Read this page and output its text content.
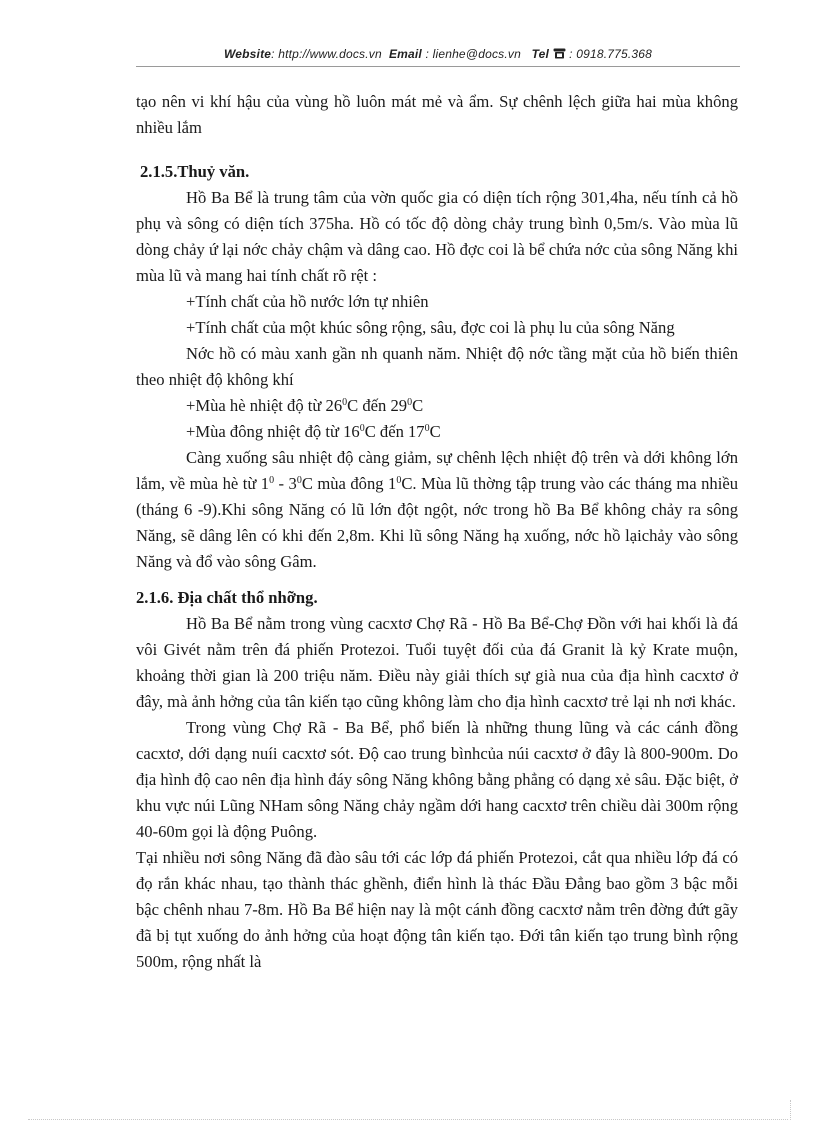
Website: http://www.docs.vn Email : lienhe@docs.vn Tel : 0918.775.368

tạo nên vi khí hậu của vùng hồ luôn mát mẻ và ẩm. Sự chênh lệch giữa hai mùa không nhiều lắm

2.1.5.Thuỷ văn.

Hồ Ba Bể là trung tâm của vờn quốc gia có diện tích rộng 301,4ha, nếu tính cả hồ phụ và sông có diện tích 375ha. Hồ có tốc độ dòng chảy trung bình 0,5m/s. Vào mùa lũ dòng chảy ứ lại nớc chảy chậm và dâng cao. Hồ đợc coi là bể chứa nớc của sông Năng khi mùa lũ và mang hai tính chất rõ rệt :

+Tính chất của hồ nước lớn tự nhiên

+Tính chất của một khúc sông rộng, sâu, đợc coi là phụ lu của sông Năng

Nớc hồ có màu xanh gần nh quanh năm. Nhiệt độ nớc tầng mặt của hồ biến thiên theo nhiệt độ không khí

+Mùa hè nhiệt độ từ $26^0C$ đến $29^0C$

+Mùa đông nhiệt độ từ $16^0C$ đến $17^0C$

Càng xuống sâu nhiệt độ càng giảm, sự chênh lệch nhiệt độ trên và dới không lớn lắm, về mùa hè từ $1^0 - 3^0C$ mùa đông $1^0C$. Mùa lũ thờng tập trung vào các tháng ma nhiều (tháng 6 -9).Khi sông Năng có lũ lớn đột ngột, nớc trong hồ Ba Bể không chảy ra sông Năng, sẽ dâng lên có khi đến 2,8m. Khi lũ sông Năng hạ xuống, nớc hồ lạichảy vào sông Năng và đổ vào sông Gâm.

2.1.6. Địa chất thổ nhỡng.

Hồ Ba Bể nằm trong vùng cacxtơ Chợ Rã - Hồ Ba Bể-Chợ Đồn với hai khối là đá vôi Givét nằm trên đá phiến Protezoi. Tuổi tuyệt đối của đá Granit là kỷ Krate muộn, khoảng thời gian là 200 triệu năm. Điều này giải thích sự già nua của địa hình cacxtơ ở đây, mà ảnh hởng của tân kiến tạo cũng không làm cho địa hình cacxtơ trẻ lại nh nơi khác.

Trong vùng Chợ Rã - Ba Bể, phổ biến là những thung lũng và các cánh đồng cacxtơ, dới dạng nuíi cacxtơ sót. Độ cao trung bìnhcủa núi cacxtơ ở đây là 800-900m. Do địa hình độ cao nên địa hình đáy sông Năng không bằng phẳng có dạng xẻ sâu. Đặc biệt, ở khu vực núi Lũng NHam sông Năng chảy ngầm dới hang cacxtơ trên chiều dài 300m rộng 40-60m gọi là động Puông.

Tại nhiều nơi sông Năng đã đào sâu tới các lớp đá phiến Protezoi, cắt qua nhiều lớp đá có đọ rắn khác nhau, tạo thành thác ghềnh, điển hình là thác Đầu Đẳng bao gồm 3 bậc mỗi bậc chênh nhau 7-8m. Hồ Ba Bể hiện nay là một cánh đồng cacxtơ nằm trên đờng đứt gãy đã bị tụt xuống do ảnh hởng của hoạt động tân kiến tạo. Đới tân kiến tạo trung bình rộng 500m, rộng nhất là
